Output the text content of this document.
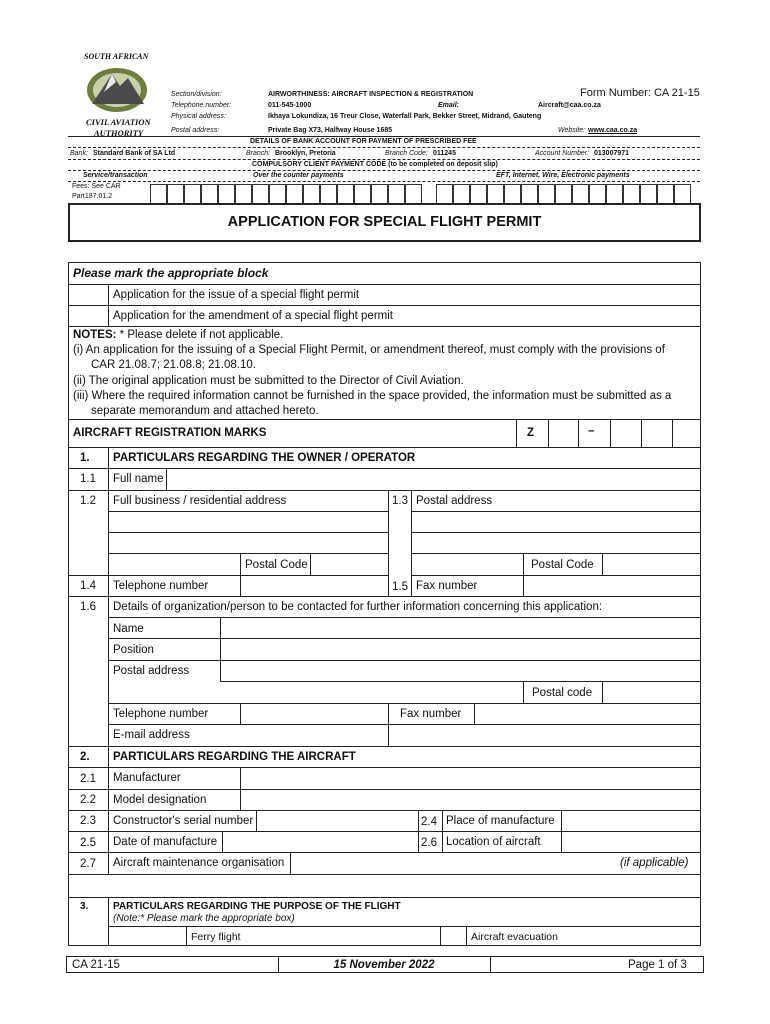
SOUTH AFRICAN
CIVIL AVIATION
AUTHORITY
Form Number: CA 21-15
Section/division:	AIRWORTHINESS: AIRCRAFT INSPECTION & REGISTRATION
Telephone number:	011-545-1000	Email:	Aircraft@caa.co.za
Physical address:	Ikhaya Lokundiza, 16 Treur Close, Waterfall Park, Bekker Street, Midrand, Gauteng
Postal address:	Private Bag X73, Halfway House 1685	Website: www.caa.co.za
DETAILS OF BANK ACCOUNT FOR PAYMENT OF PRESCRIBED FEE
Bank: Standard Bank of SA Ltd	Branch: Brooklyn, Pretoria	Branch Code: 011245	Account Number: 013007971
COMPULSORY CLIENT PAYMENT CODE (to be completed on deposit slip)
Service/transaction	Over the counter payments	EFT, Internet, Wire, Electronic payments
Fees: See CAR
Part187.01.2
APPLICATION FOR SPECIAL FLIGHT PERMIT
Please mark the appropriate block
Application for the issue of a special flight permit
Application for the amendment of a special flight permit
NOTES: * Please delete if not applicable.
(i) An application for the issuing of a Special Flight Permit, or amendment thereof, must comply with the provisions of
CAR 21.08.7; 21.08.8; 21.08.10.
(ii) The original application must be submitted to the Director of Civil Aviation.
(iii) Where the required information cannot be furnished in the space provided, the information must be submitted as a
separate memorandum and attached hereto.
AIRCRAFT REGISTRATION MARKS	Z	–
1. PARTICULARS REGARDING THE OWNER / OPERATOR
1.1 Full name
1.2 Full business / residential address	1.3 Postal address
Postal Code	Postal Code
1.4 Telephone number	1.5 Fax number
1.6 Details of organization/person to be contacted for further information concerning this application:
Name
Position
Postal address
Postal code
Telephone number	Fax number
E-mail address
2. PARTICULARS REGARDING THE AIRCRAFT
2.1 Manufacturer
2.2 Model designation
2.3 Constructor's serial number	2.4 Place of manufacture
2.5 Date of manufacture	2.6 Location of aircraft
2.7 Aircraft maintenance organisation	(if applicable)
3. PARTICULARS REGARDING THE PURPOSE OF THE FLIGHT
(Note:* Please mark the appropriate box)
Ferry flight	Aircraft evacuation
CA 21-15	15 November 2022	Page 1 of 3
